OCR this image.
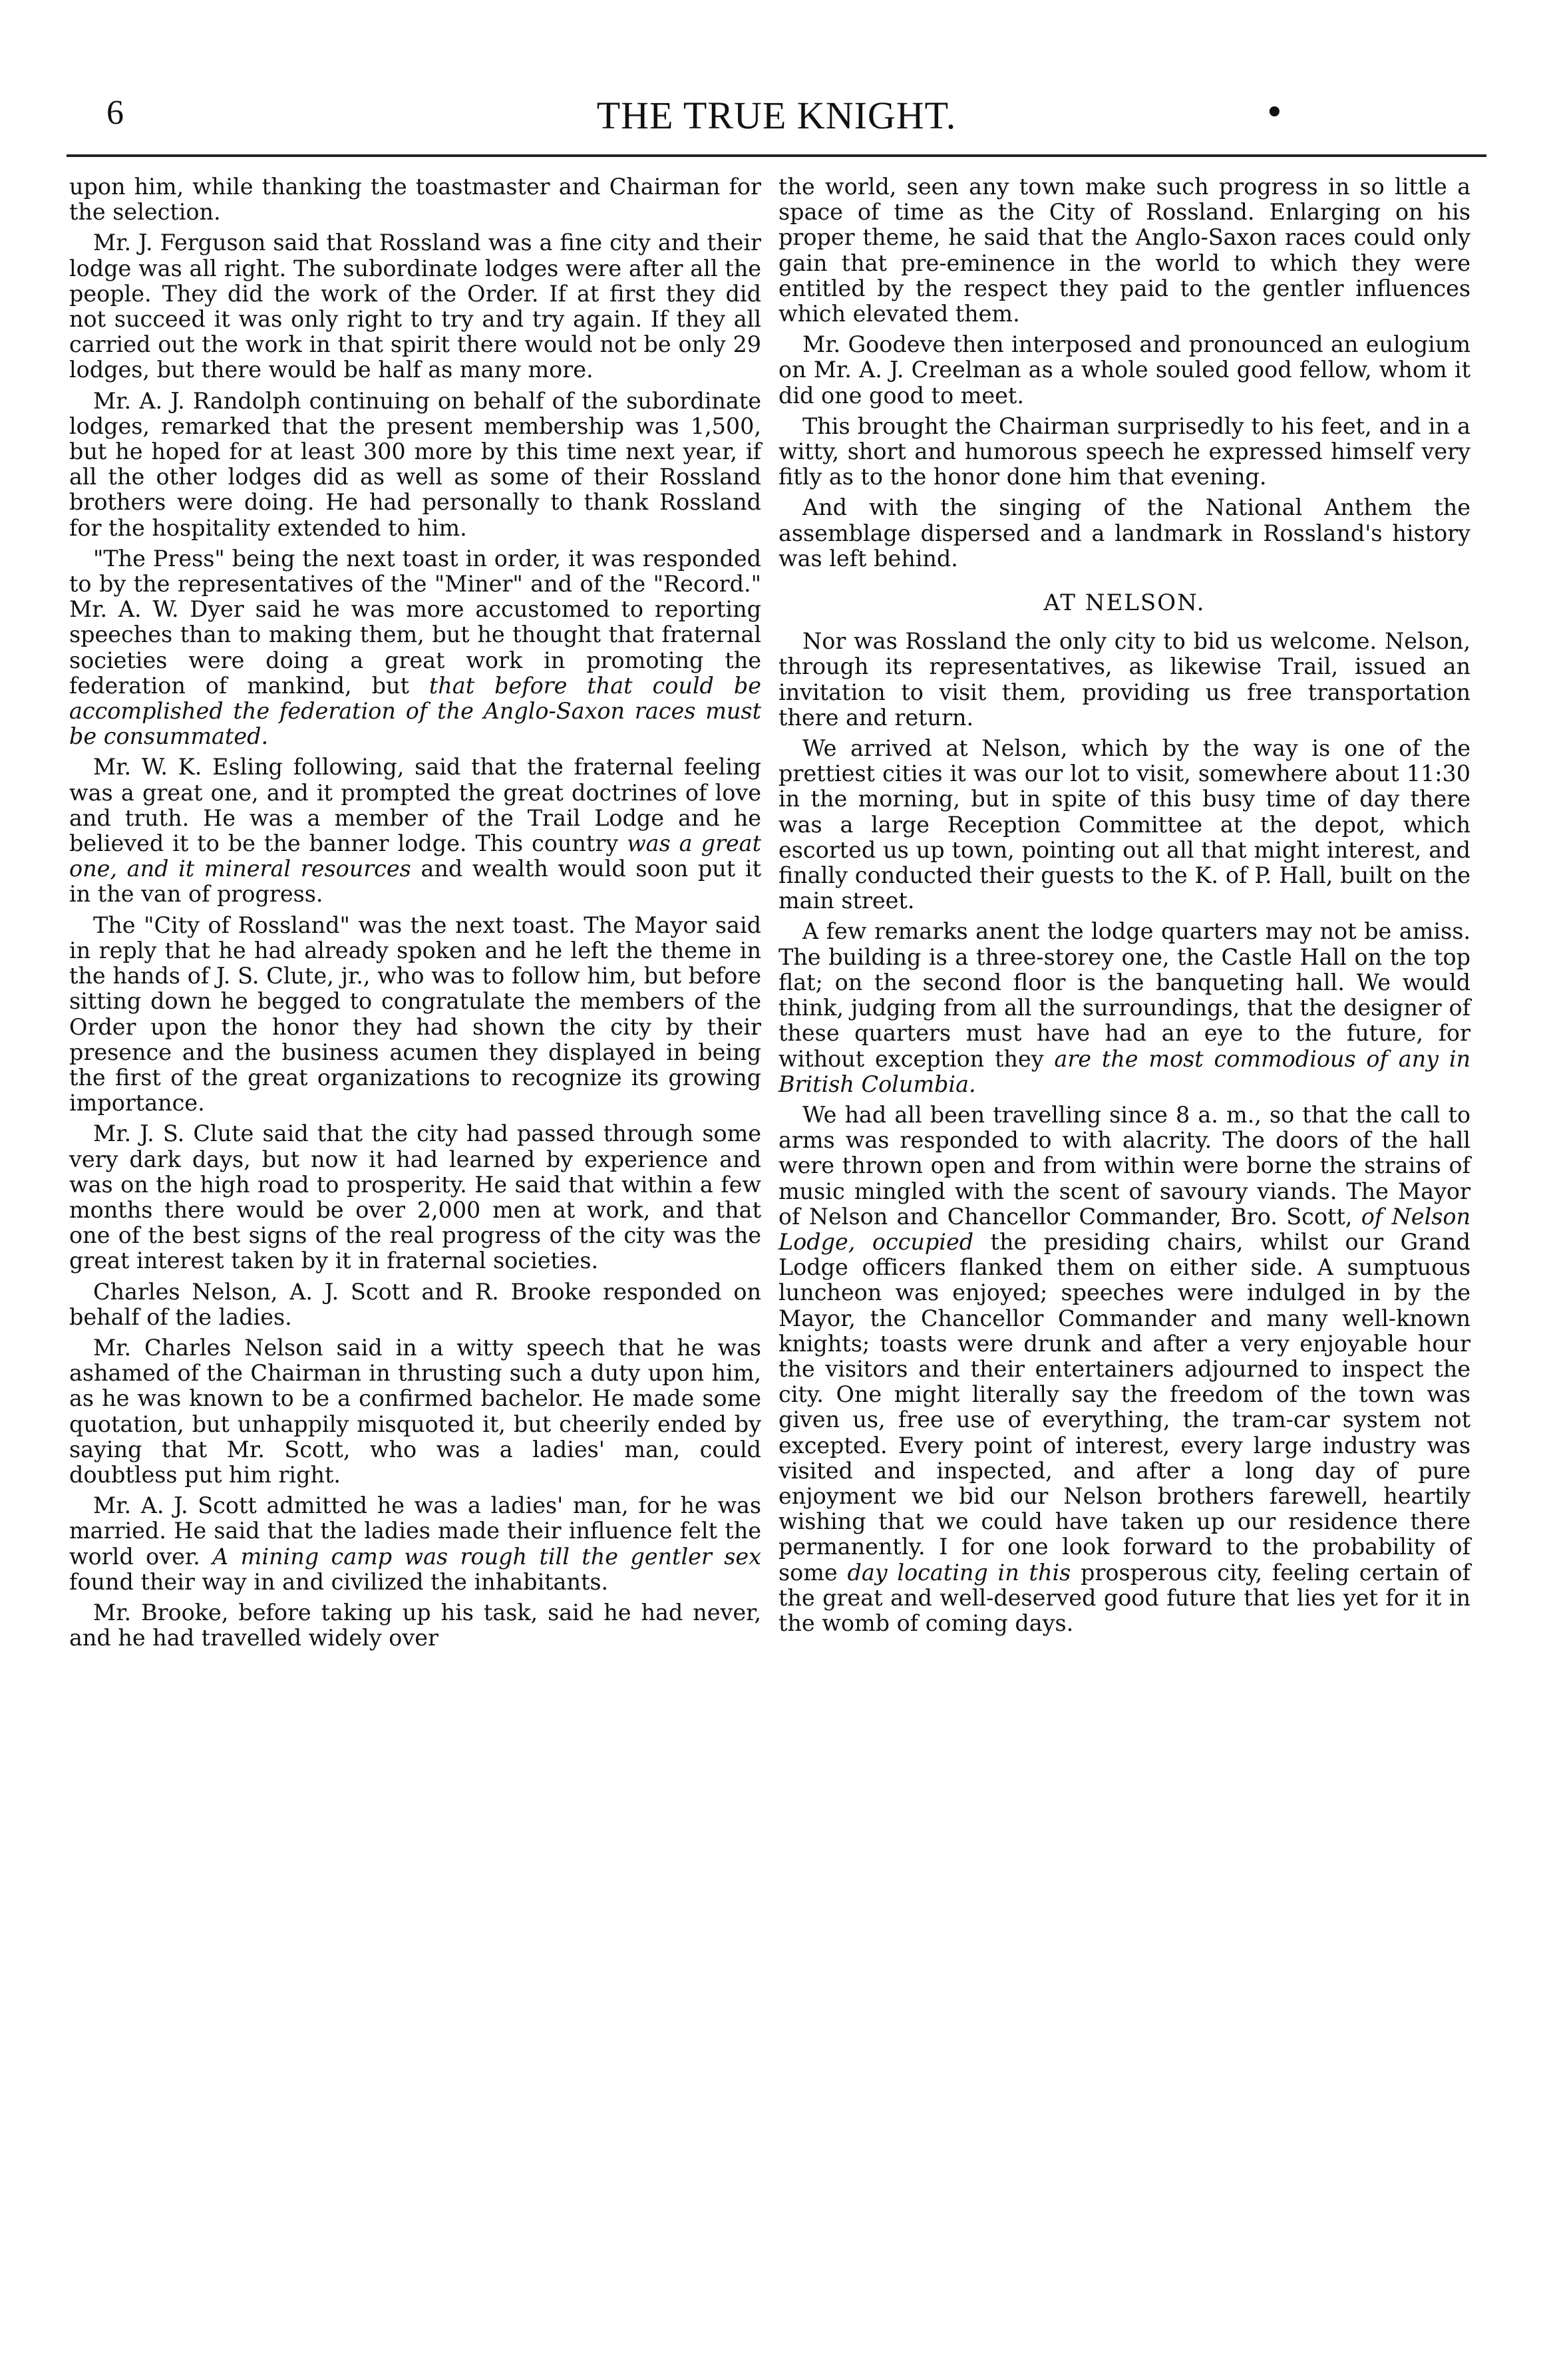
6	THE TRUE KNIGHT.	•

upon him, while thanking the toastmaster and Chairman for the selection.

Mr. J. Ferguson said that Rossland was a fine city and their lodge was all right. The subordinate lodges were after all the people. They did the work of the Order. If at first they did not succeed it was only right to try and try again. If they all carried out the work in that spirit there would not be only 29 lodges, but there would be half as many more.

Mr. A. J. Randolph continuing on behalf of the subordinate lodges, remarked that the present membership was 1,500, but he hoped for at least 300 more by this time next year, if all the other lodges did as well as some of their Rossland brothers were doing. He had personally to thank Rossland for the hospitality extended to him.

"The Press" being the next toast in order, it was responded to by the representatives of the "Miner" and of the "Record." Mr. A. W. Dyer said he was more accustomed to reporting speeches than to making them, but he thought that fraternal societies were doing a great work in promoting the federation of mankind, but that before that could be accomplished the federation of the Anglo-Saxon races must be consummated.

Mr. W. K. Esling following, said that the fraternal feeling was a great one, and it prompted the great doctrines of love and truth. He was a member of the Trail Lodge and he believed it to be the banner lodge. This country was a great one, and it mineral resources and wealth would soon put it in the van of progress.

The "City of Rossland" was the next toast. The Mayor said in reply that he had already spoken and he left the theme in the hands of J. S. Clute, jr., who was to follow him, but before sitting down he begged to congratulate the members of the Order upon the honor they had shown the city by their presence and the business acumen they displayed in being the first of the great organizations to recognize its growing importance.

Mr. J. S. Clute said that the city had passed through some very dark days, but now it had learned by experience and was on the high road to prosperity. He said that within a few months there would be over 2,000 men at work, and that one of the best signs of the real progress of the city was the great interest taken by it in fraternal societies.

Charles Nelson, A. J. Scott and R. Brooke responded on behalf of the ladies.

Mr. Charles Nelson said in a witty speech that he was ashamed of the Chairman in thrusting such a duty upon him, as he was known to be a confirmed bachelor. He made some quotation, but unhappily misquoted it, but cheerily ended by saying that Mr. Scott, who was a ladies' man, could doubtless put him right.

Mr. A. J. Scott admitted he was a ladies' man, for he was married. He said that the ladies made their influence felt the world over. A mining camp was rough till the gentler sex found their way in and civilized the inhabitants.

Mr. Brooke, before taking up his task, said he had never, and he had travelled widely over

the world, seen any town make such progress in so little a space of time as the City of Rossland. Enlarging on his proper theme, he said that the Anglo-Saxon races could only gain that pre-eminence in the world to which they were entitled by the respect they paid to the gentler influences which elevated them.

Mr. Goodeve then interposed and pronounced an eulogium on Mr. A. J. Creelman as a whole souled good fellow, whom it did one good to meet.

This brought the Chairman surprisedly to his feet, and in a witty, short and humorous speech he expressed himself very fitly as to the honor done him that evening.

And with the singing of the National Anthem the assemblage dispersed and a landmark in Rossland's history was left behind.

AT NELSON.

Nor was Rossland the only city to bid us welcome. Nelson, through its representatives, as likewise Trail, issued an invitation to visit them, providing us free transportation there and return.

We arrived at Nelson, which by the way is one of the prettiest cities it was our lot to visit, somewhere about 11:30 in the morning, but in spite of this busy time of day there was a large Reception Committee at the depot, which escorted us up town, pointing out all that might interest, and finally conducted their guests to the K. of P. Hall, built on the main street.

A few remarks anent the lodge quarters may not be amiss. The building is a three-storey one, the Castle Hall on the top flat; on the second floor is the banqueting hall. We would think, judging from all the surroundings, that the designer of these quarters must have had an eye to the future, for without exception they are the most commodious of any in British Columbia.

We had all been travelling since 8 a. m., so that the call to arms was responded to with alacrity. The doors of the hall were thrown open and from within were borne the strains of music mingled with the scent of savoury viands. The Mayor of Nelson and Chancellor Commander, Bro. Scott, of Nelson Lodge, occupied the presiding chairs, whilst our Grand Lodge officers flanked them on either side. A sumptuous luncheon was enjoyed; speeches were indulged in by the Mayor, the Chancellor Commander and many well-known knights; toasts were drunk and after a very enjoyable hour the visitors and their entertainers adjourned to inspect the city. One might literally say the freedom of the town was given us, free use of everything, the tram-car system not excepted. Every point of interest, every large industry was visited and inspected, and after a long day of pure enjoyment we bid our Nelson brothers farewell, heartily wishing that we could have taken up our residence there permanently. I for one look forward to the probability of some day locating in this prosperous city, feeling certain of the great and well-deserved good future that lies yet for it in the womb of coming days.
